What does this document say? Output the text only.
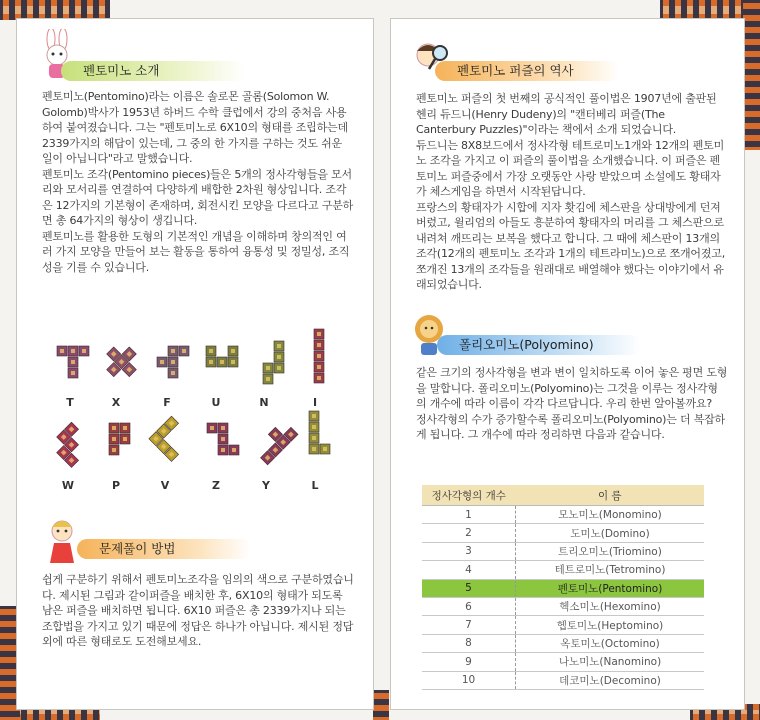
펜토미노 소개

펜토미노(Pentomino)라는 이름은 솔로몬 골롬(Solomon W. Golomb)박사가 1953년 하버드 수학 클럽에서 강의 중처음 사용하여 붙여졌습니다. 그는 "펜토미노로 6X10의 형태를 조립하는데 2339가지의 해답이 있는데, 그 중의 한 가지를 구하는 것도 쉬운 일이 아닙니다"라고 말했습니다.

펜토미노 조각(Pentomino pieces)들은 5개의 정사각형들을 모서리와 모서리를 연결하여 다양하게 배합한 2차원 형상입니다. 조각은 12가지의 기본형이 존재하며, 회전시킨 모양을 다르다고 구분하면 총 64가지의 형상이 생깁니다.

펜토미노를 활용한 도형의 기본적인 개념을 이해하며 창의적인 여러 가지 모양을 만들어 보는 활동을 통하여 융통성 및 정밀성, 조직성을 기를 수 있습니다.

T	X	F	U	N	I
W	P	V	Z	Y	L
문제풀이 방법
쉽게 구분하기 위해서 펜토미노조각을 임의의 색으로 구분하였습니다. 제시된 그림과 같이퍼즐을 배치한 후, 6X10의 형태가 되도록 남은 퍼즐을 배치하면 됩니다. 6X10 퍼즐은 총 2339가지나 되는 조합법을 가지고 있기 때문에 정답은 하나가 아닙니다. 제시된 정답외에 따른 형태로도 도전해보세요.
펜토미노 퍼즐의 역사

펜토미노 퍼즐의 첫 번째의 공식적인 풀이법은 1907년에 출판된 헨리 듀드니(Henry Dudeny)의 "캔터베리 퍼즐(The Canterbury Puzzles)"이라는 책에서 소개 되었습니다.

듀드니는 8X8보드에서 정사각형 테트로미노1개와 12개의 펜토미노 조각을 가지고 이 퍼즐의 풀이법을 소개했습니다. 이 퍼즐은 펜토미노 퍼즐중에서 가장 오랫동안 사랑 받았으며 소설에도 황태자가 체스게임을 하면서 시작된답니다.

프랑스의 황태자가 시합에 지자 홧김에 체스판을 상대방에게 던져버렸고, 윌리엄의 아들도 흥분하여 황태자의 머리를 그 체스판으로 내려쳐 깨뜨리는 보복을 했다고 합니다. 그 때에 체스판이 13개의 조각(12개의 펜토미노 조각과 1개의 테트라미노)으로 쪼개어졌고, 쪼개진 13개의 조각들을 원래대로 배열해야 했다는 이야기에서 유래되었습니다.

폴리오미노(Polyomino)

같은 크기의 정사각형을 변과 변이 일치하도록 이어 놓은 평면 도형을 말합니다. 폴리오미노(Polyomino)는 그것을 이루는 정사각형의 개수에 따라 이름이 각각 다르답니다. 우리 한번 알아볼까요?

정사각형의 수가 증가할수록 폴리오미노(Polyomino)는 더 복잡하게 됩니다. 그 개수에 따라 정리하면 다음과 같습니다.

정사각형의 개수	이 름
1	모노미노(Monomino)
2	도미노(Domino)
3	트리오미노(Triomino)
4	테트로미노(Tetromino)
5	펜토미노(Pentomino)
6	헥소미노(Hexomino)
7	헵토미노(Heptomino)
8	옥토미노(Octomino)
9	나노미노(Nanomino)
10	데코미노(Decomino)
